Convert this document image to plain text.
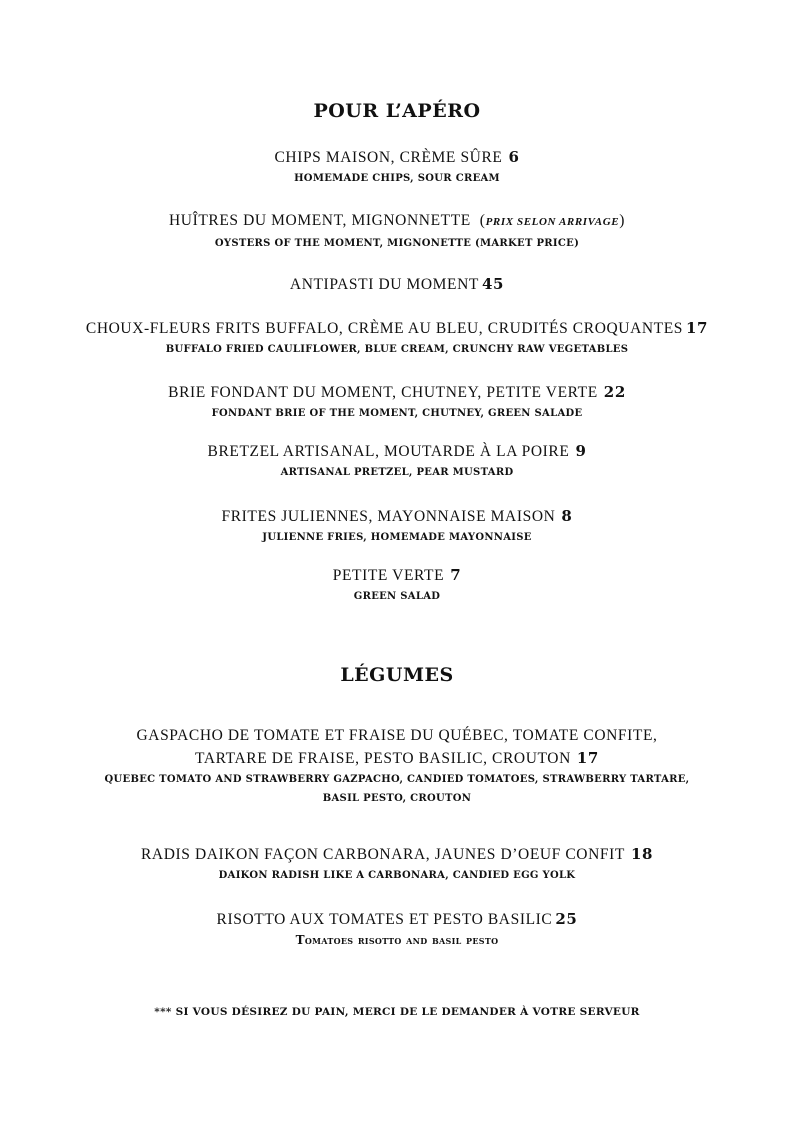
POUR L’APÉRO
CHIPS MAISON, CRÈME SÛRE 6
HOMEMADE CHIPS, SOUR CREAM
HUÎTRES DU MOMENT, MIGNONNETTE  (PRIX SELON ARRIVAGE)
OYSTERS OF THE MOMENT, MIGNONETTE (MARKET PRICE)
ANTIPASTI DU MOMENT 45
CHOUX-FLEURS FRITS BUFFALO, CRÈME AU BLEU, CRUDITÉS CROQUANTES 17
BUFFALO FRIED CAULIFLOWER, BLUE CREAM, CRUNCHY RAW VEGETABLES
BRIE FONDANT DU MOMENT, CHUTNEY, PETITE VERTE 22
FONDANT BRIE OF THE MOMENT, CHUTNEY, GREEN SALADE
BRETZEL ARTISANAL, MOUTARDE À LA POIRE 9
ARTISANAL PRETZEL, PEAR MUSTARD
FRITES JULIENNES, MAYONNAISE MAISON 8
JULIENNE FRIES, HOMEMADE MAYONNAISE
PETITE VERTE 7
GREEN SALAD
LÉGUMES
GASPACHO DE TOMATE ET FRAISE DU QUÉBEC, TOMATE CONFITE,
TARTARE DE FRAISE, PESTO BASILIC, CROUTON 17
QUEBEC TOMATO AND STRAWBERRY GAZPACHO, CANDIED TOMATOES, STRAWBERRY TARTARE,
BASIL PESTO, CROUTON
RADIS DAIKON FAÇON CARBONARA, JAUNES D’OEUF CONFIT 18
DAIKON RADISH LIKE A CARBONARA, CANDIED EGG YOLK
RISOTTO AUX TOMATES ET PESTO BASILIC 25
Tomatoes risotto and basil pesto
*** SI VOUS DÉSIREZ DU PAIN, MERCI DE LE DEMANDER À VOTRE SERVEUR
